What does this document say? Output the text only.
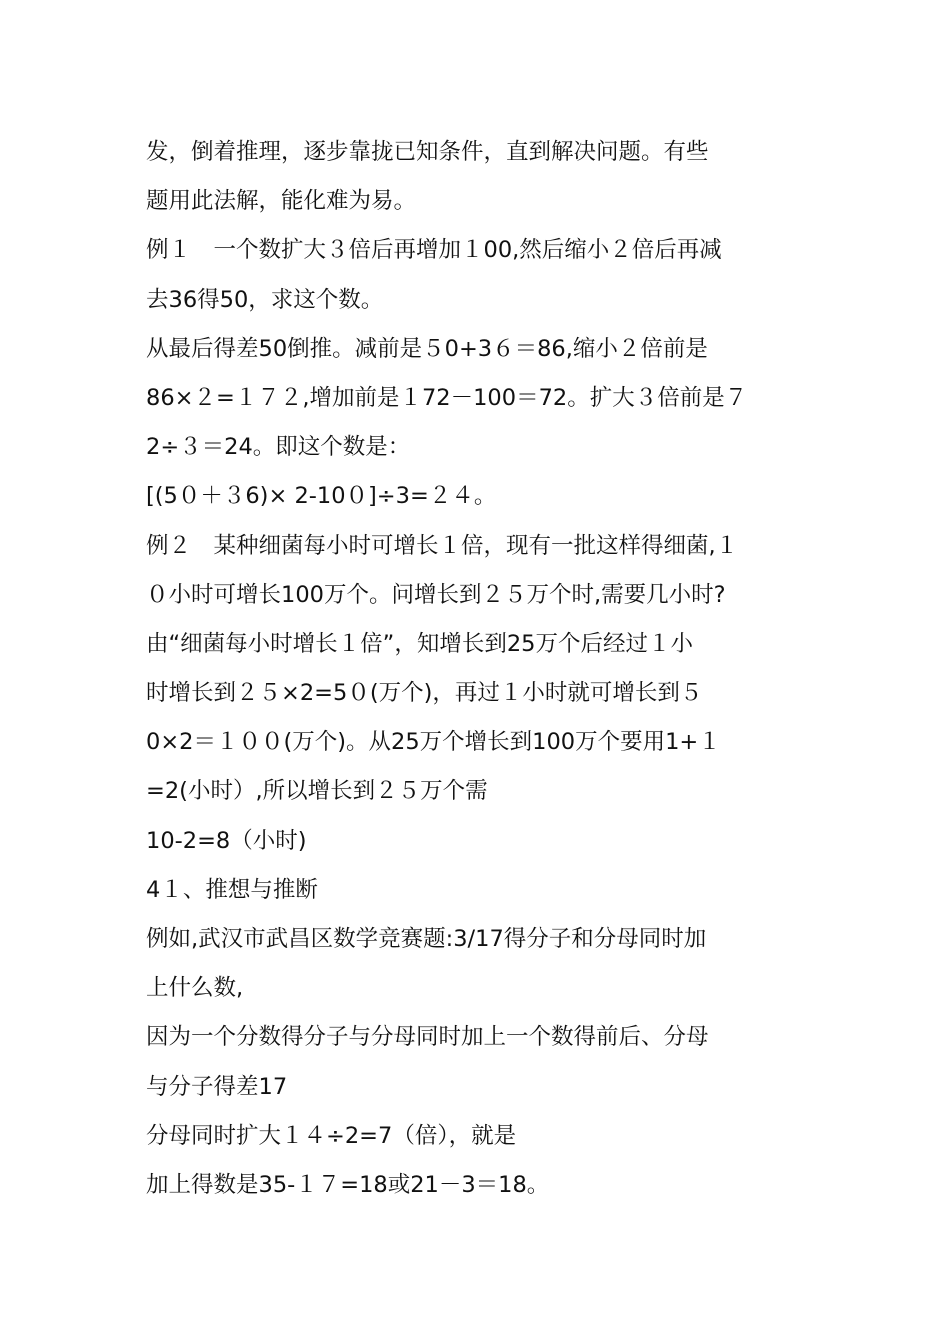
发，倒着推理，逐步靠拢已知条件，直到解决问题。有些
题用此法解，能化难为易。
例１　一个数扩大３倍后再增加１00,然后缩小２倍后再减
去36得50，求这个数。
从最后得差50倒推。减前是５0+3６＝86,缩小２倍前是
86×２=１７２,增加前是１72－100＝72。扩大３倍前是７
2÷３＝24。即这个数是：
[(5０＋３6)× 2-10０]÷3=２４。
例２　某种细菌每小时可增长１倍，现有一批这样得细菌,１
０小时可增长100万个。问增长到２５万个时,需要几小时?
由“细菌每小时增长１倍”，知增长到25万个后经过１小
时增长到２５×2=5０(万个)，再过１小时就可增长到５
0×2＝１００(万个)。从25万个增长到100万个要用1+１
=2(小时）,所以增长到２５万个需
10-2=8（小时)
4１、推想与推断
例如,武汉市武昌区数学竞赛题:3/17得分子和分母同时加
上什么数,
因为一个分数得分子与分母同时加上一个数得前后、分母
与分子得差17
分母同时扩大１４÷2=7（倍），就是
加上得数是35-１７=18或21－3＝18。
